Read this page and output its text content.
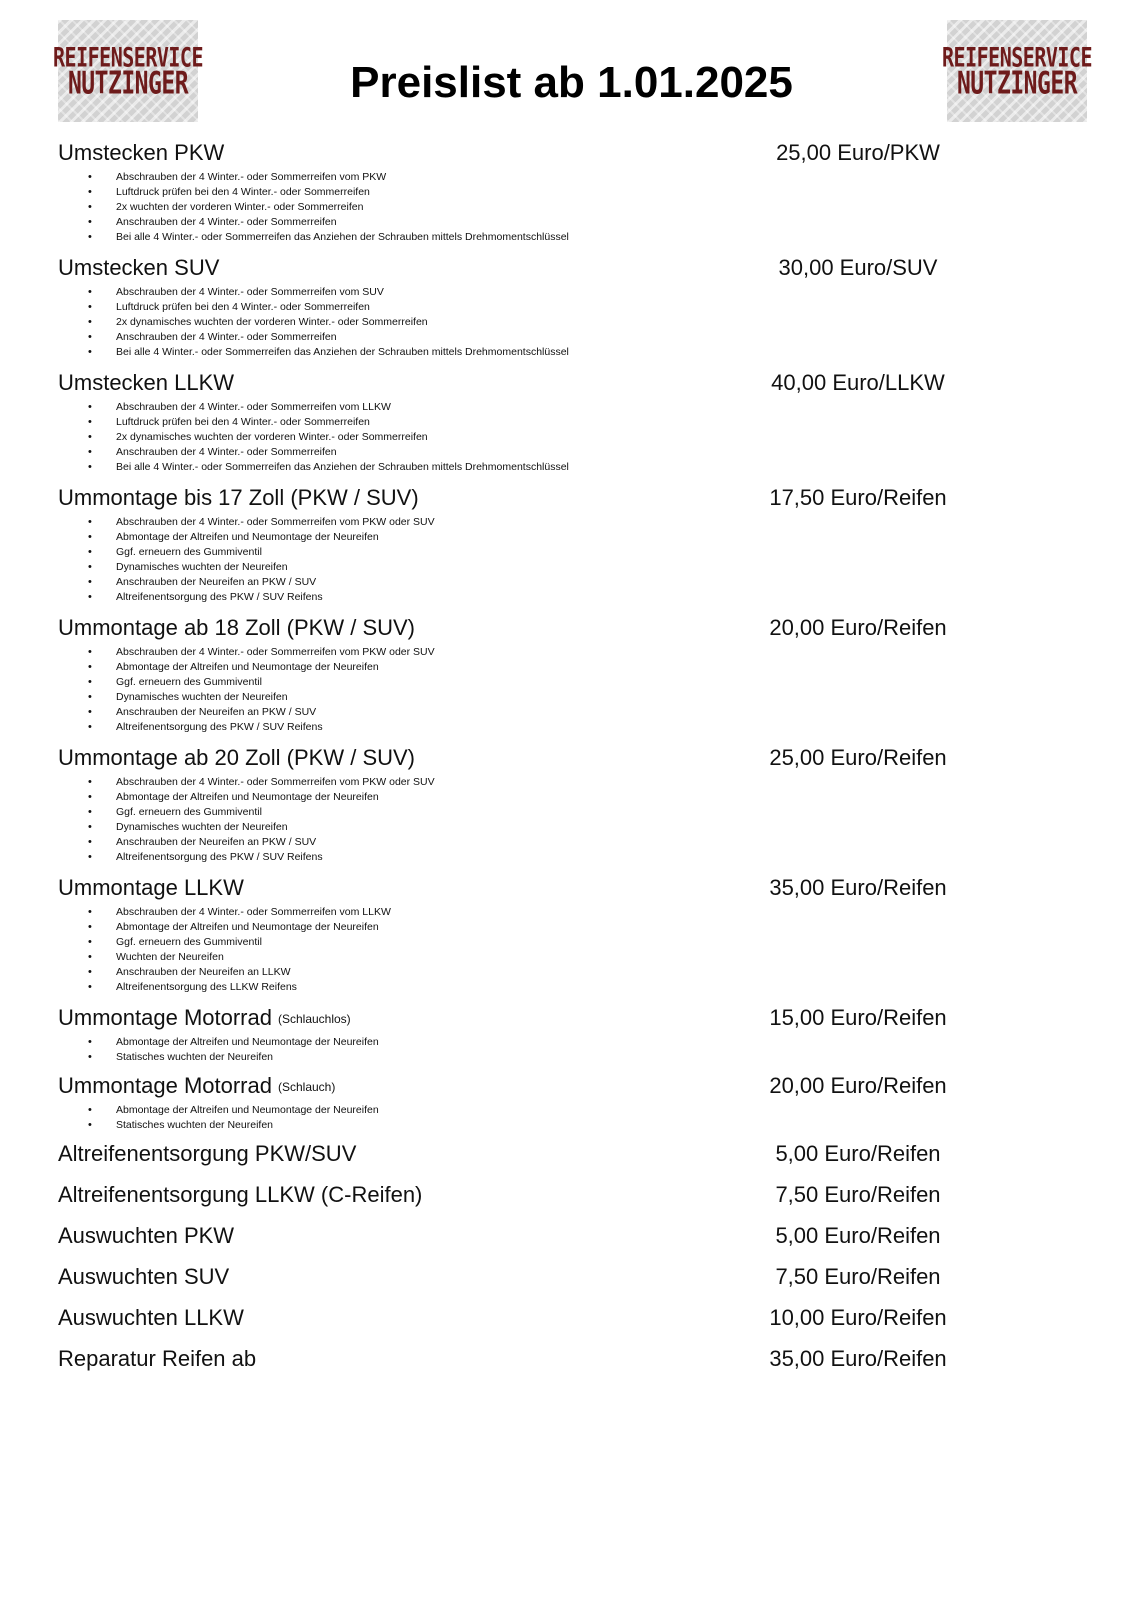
REIFENSERVICE
NUTZINGER	Preislist ab 1.01.2025
REIFENSERVICE
NUTZINGER
Umstecken PKW	25,00 Euro/PKW
• Abschrauben der 4 Winter.- oder Sommerreifen vom PKW
• Luftdruck prüfen bei den 4 Winter.- oder Sommerreifen
• 2x wuchten der vorderen Winter.- oder Sommerreifen
• Anschrauben der 4 Winter.- oder Sommerreifen
• Bei alle 4 Winter.- oder Sommerreifen das Anziehen der Schrauben mittels Drehmomentschlüssel
Umstecken SUV	30,00 Euro/SUV
• Abschrauben der 4 Winter.- oder Sommerreifen vom SUV
• Luftdruck prüfen bei den 4 Winter.- oder Sommerreifen
• 2x dynamisches wuchten der vorderen Winter.- oder Sommerreifen
• Anschrauben der 4 Winter.- oder Sommerreifen
• Bei alle 4 Winter.- oder Sommerreifen das Anziehen der Schrauben mittels Drehmomentschlüssel
Umstecken LLKW	40,00 Euro/LLKW
• Abschrauben der 4 Winter.- oder Sommerreifen vom LLKW
• Luftdruck prüfen bei den 4 Winter.- oder Sommerreifen
• 2x dynamisches wuchten der vorderen Winter.- oder Sommerreifen
• Anschrauben der 4 Winter.- oder Sommerreifen
• Bei alle 4 Winter.- oder Sommerreifen das Anziehen der Schrauben mittels Drehmomentschlüssel
Ummontage bis 17 Zoll (PKW / SUV)	17,50 Euro/Reifen
• Abschrauben der 4 Winter.- oder Sommerreifen vom PKW oder SUV
• Abmontage der Altreifen und Neumontage der Neureifen
• Ggf. erneuern des Gummiventil
• Dynamisches wuchten der Neureifen
• Anschrauben der Neureifen an PKW / SUV
• Altreifenentsorgung des PKW / SUV Reifens
Ummontage ab 18 Zoll (PKW / SUV)	20,00 Euro/Reifen
• Abschrauben der 4 Winter.- oder Sommerreifen vom PKW oder SUV
• Abmontage der Altreifen und Neumontage der Neureifen
• Ggf. erneuern des Gummiventil
• Dynamisches wuchten der Neureifen
• Anschrauben der Neureifen an PKW / SUV
• Altreifenentsorgung des PKW / SUV Reifens
Ummontage ab 20 Zoll (PKW / SUV)	25,00 Euro/Reifen
• Abschrauben der 4 Winter.- oder Sommerreifen vom PKW oder SUV
• Abmontage der Altreifen und Neumontage der Neureifen
• Ggf. erneuern des Gummiventil
• Dynamisches wuchten der Neureifen
• Anschrauben der Neureifen an PKW / SUV
• Altreifenentsorgung des PKW / SUV Reifens
Ummontage LLKW	35,00 Euro/Reifen
• Abschrauben der 4 Winter.- oder Sommerreifen vom LLKW
• Abmontage der Altreifen und Neumontage der Neureifen
• Ggf. erneuern des Gummiventil
• Wuchten der Neureifen
• Anschrauben der Neureifen an LLKW
• Altreifenentsorgung des LLKW Reifens
Ummontage Motorrad (Schlauchlos)	15,00 Euro/Reifen
• Abmontage der Altreifen und Neumontage der Neureifen
• Statisches wuchten der Neureifen
Ummontage Motorrad (Schlauch)	20,00 Euro/Reifen
• Abmontage der Altreifen und Neumontage der Neureifen
• Statisches wuchten der Neureifen
Altreifenentsorgung PKW/SUV	5,00 Euro/Reifen
Altreifenentsorgung LLKW (C-Reifen)	7,50 Euro/Reifen
Auswuchten PKW	5,00 Euro/Reifen
Auswuchten SUV	7,50 Euro/Reifen
Auswuchten LLKW	10,00 Euro/Reifen
Reparatur Reifen ab	35,00 Euro/Reifen
